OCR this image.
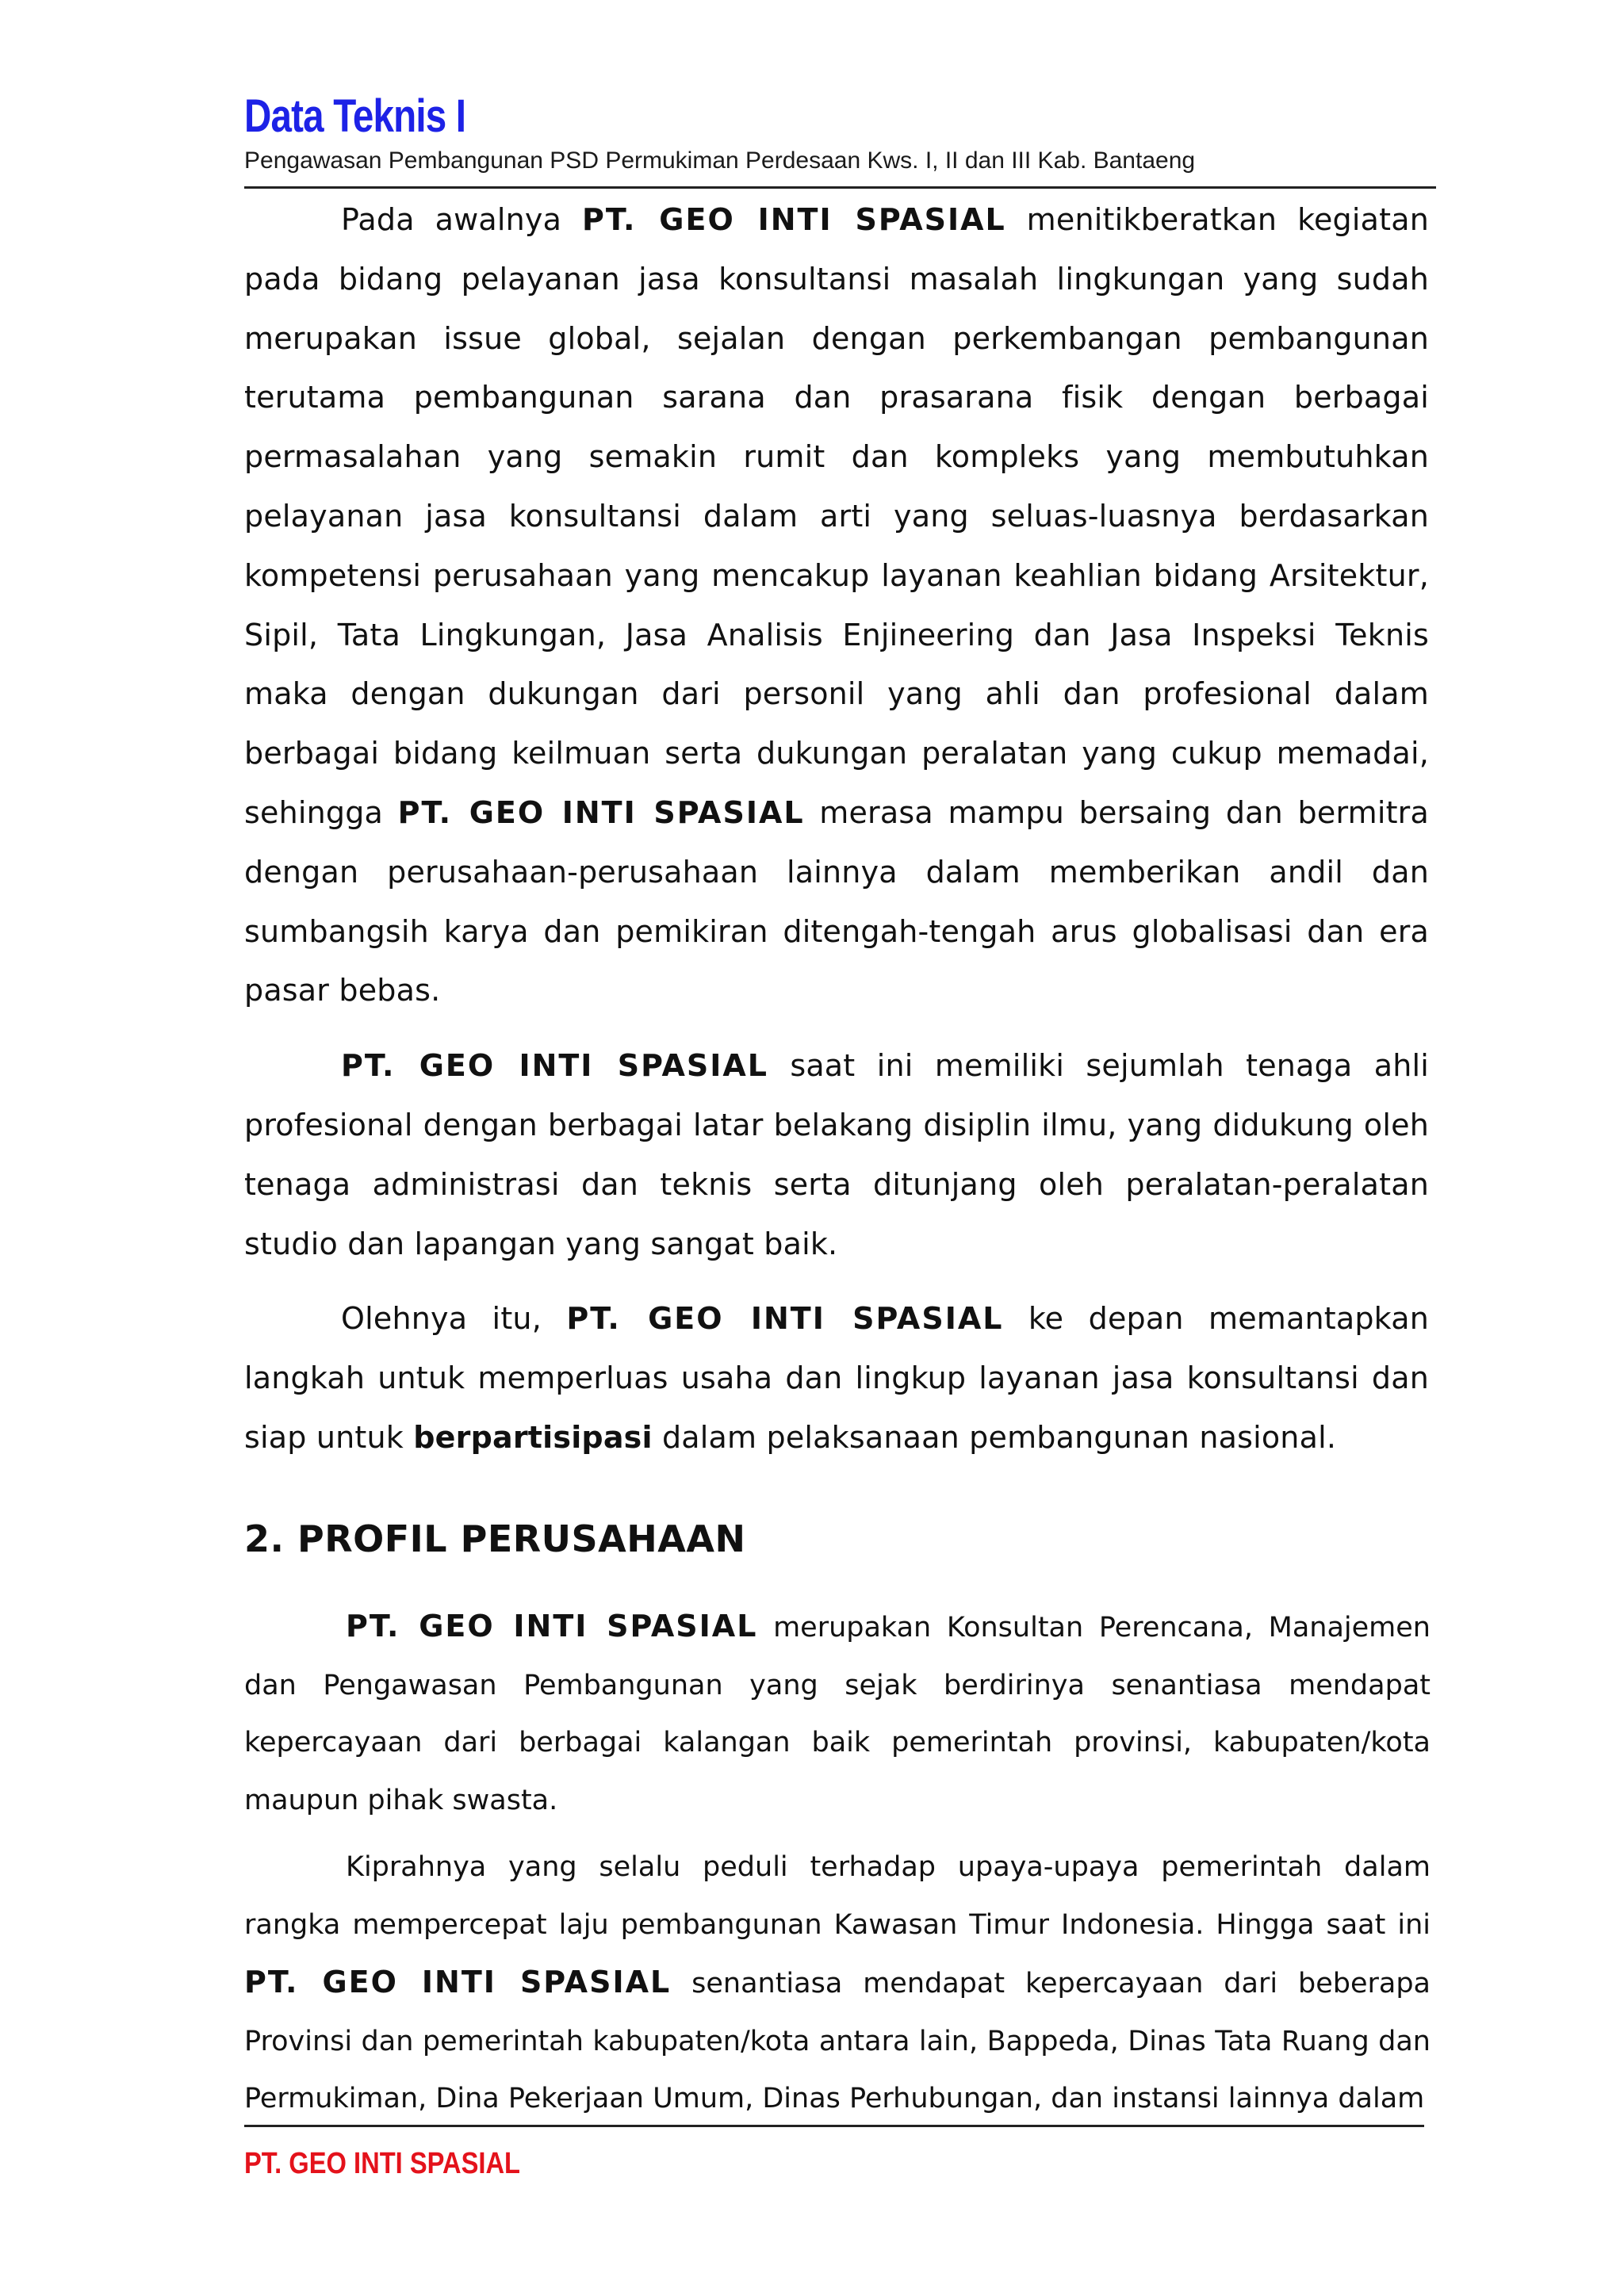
Data Teknis I
Pengawasan Pembangunan PSD Permukiman Perdesaan Kws. I, II dan III Kab. Bantaeng

Pada awalnya PT. GEO INTI SPASIAL menitikberatkan kegiatan pada bidang pelayanan jasa konsultansi masalah lingkungan yang sudah merupakan issue global, sejalan dengan perkembangan pembangunan terutama pembangunan sarana dan prasarana fisik dengan berbagai permasalahan yang semakin rumit dan kompleks yang membutuhkan pelayanan jasa konsultansi dalam arti yang seluas-luasnya berdasarkan kompetensi perusahaan yang mencakup layanan keahlian bidang Arsitektur, Sipil, Tata Lingkungan, Jasa Analisis Enjineering dan Jasa Inspeksi Teknis maka dengan dukungan dari personil yang ahli dan profesional dalam berbagai bidang keilmuan serta dukungan peralatan yang cukup memadai, sehingga PT. GEO INTI SPASIAL merasa mampu bersaing dan bermitra dengan perusahaan-perusahaan lainnya dalam memberikan andil dan sumbangsih karya dan pemikiran ditengah-tengah arus globalisasi dan era pasar bebas.

PT. GEO INTI SPASIAL saat ini memiliki sejumlah tenaga ahli profesional dengan berbagai latar belakang disiplin ilmu, yang didukung oleh tenaga administrasi dan teknis serta ditunjang oleh peralatan-peralatan studio dan lapangan yang sangat baik.

Olehnya itu, PT. GEO INTI SPASIAL ke depan memantapkan langkah untuk memperluas usaha dan lingkup layanan jasa konsultansi dan siap untuk berpartisipasi dalam pelaksanaan pembangunan nasional.

2. PROFIL PERUSAHAAN

PT. GEO INTI SPASIAL merupakan Konsultan Perencana, Manajemen dan Pengawasan Pembangunan yang sejak berdirinya senantiasa mendapat kepercayaan dari berbagai kalangan baik pemerintah provinsi, kabupaten/kota maupun pihak swasta.

Kiprahnya yang selalu peduli terhadap upaya-upaya pemerintah dalam rangka mempercepat laju pembangunan Kawasan Timur Indonesia. Hingga saat ini PT. GEO INTI SPASIAL senantiasa mendapat kepercayaan dari beberapa Provinsi dan pemerintah kabupaten/kota antara lain, Bappeda, Dinas Tata Ruang dan Permukiman, Dina Pekerjaan Umum, Dinas Perhubungan, dan instansi lainnya dalam

PT. GEO INTI SPASIAL
